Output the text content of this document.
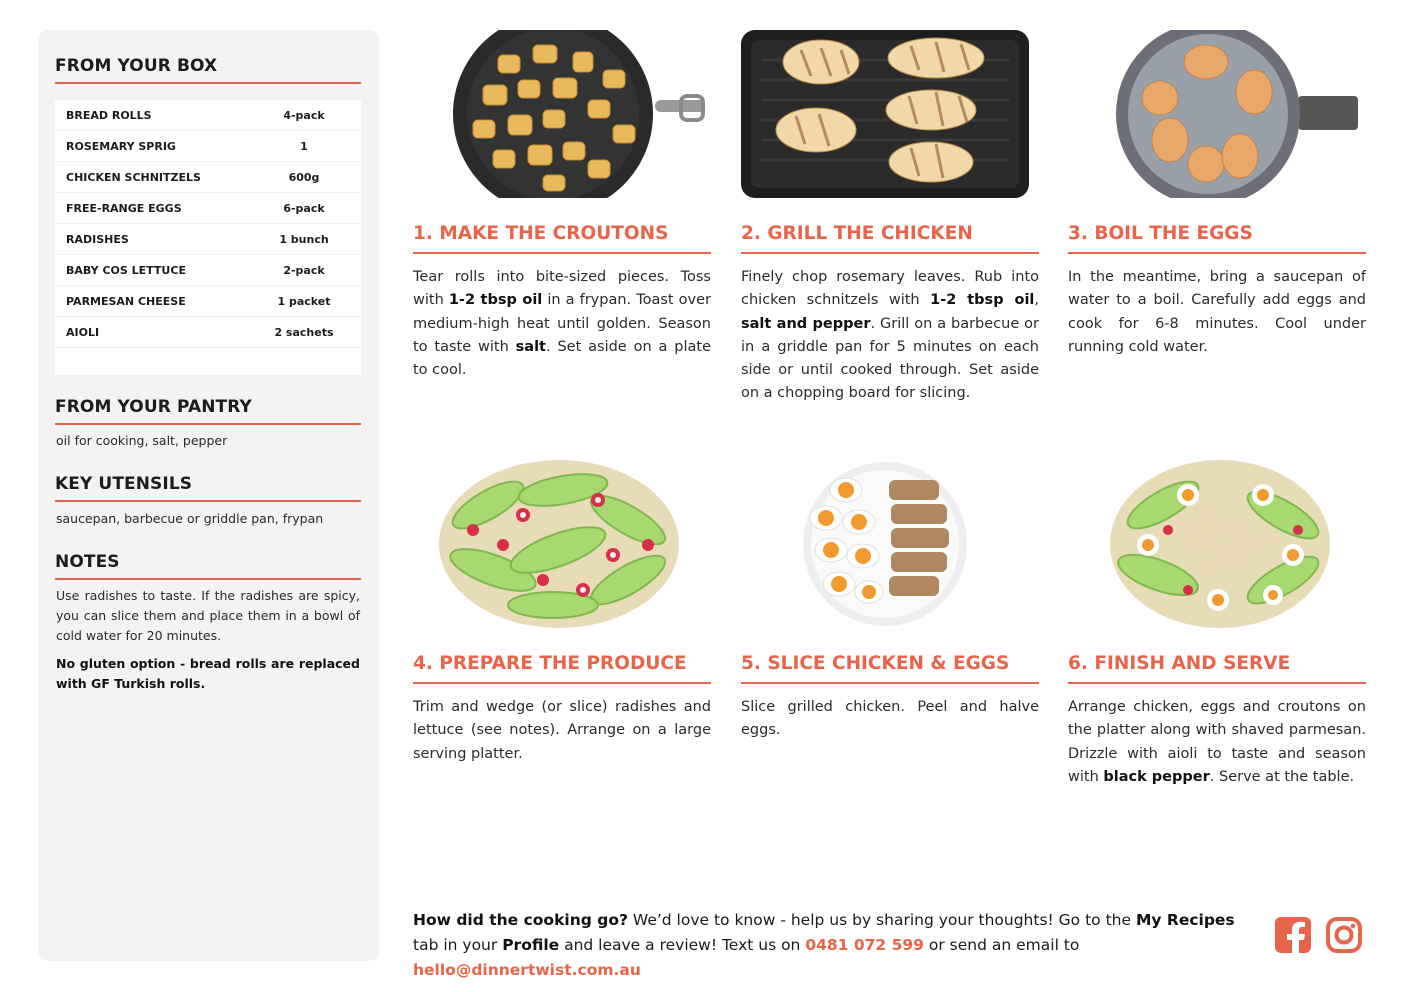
FROM YOUR BOX
BREAD ROLLS	4-pack
ROSEMARY SPRIG	1
CHICKEN SCHNITZELS	600g
FREE-RANGE EGGS	6-pack
RADISHES	1 bunch
BABY COS LETTUCE	2-pack
PARMESAN CHEESE	1 packet
AIOLI	2 sachets
FROM YOUR PANTRY
oil for cooking, salt, pepper
KEY UTENSILS
saucepan, barbecue or griddle pan, frypan
NOTES
Use radishes to taste. If the radishes are spicy, you can slice them and place them in a bowl of cold water for 20 minutes.
No gluten option - bread rolls are replaced with GF Turkish rolls.
1. MAKE THE CROUTONS
Tear rolls into bite-sized pieces. Toss with 1-2 tbsp oil in a frypan. Toast over medium-high heat until golden. Season to taste with salt. Set aside on a plate to cool.
2. GRILL THE CHICKEN
Finely chop rosemary leaves. Rub into chicken schnitzels with 1-2 tbsp oil, salt and pepper. Grill on a barbecue or in a griddle pan for 5 minutes on each side or until cooked through. Set aside on a chopping board for slicing.
3. BOIL THE EGGS
In the meantime, bring a saucepan of water to a boil. Carefully add eggs and cook for 6-8 minutes. Cool under running cold water.
4. PREPARE THE PRODUCE
Trim and wedge (or slice) radishes and lettuce (see notes). Arrange on a large serving platter.
5. SLICE CHICKEN & EGGS
Slice grilled chicken. Peel and halve eggs.
6. FINISH AND SERVE
Arrange chicken, eggs and croutons on the platter along with shaved parmesan. Drizzle with aioli to taste and season with black pepper. Serve at the table.
How did the cooking go? We’d love to know - help us by sharing your thoughts! Go to the My Recipes tab in your Profile and leave a review! Text us on 0481 072 599 or send an email to hello@dinnertwist.com.au
